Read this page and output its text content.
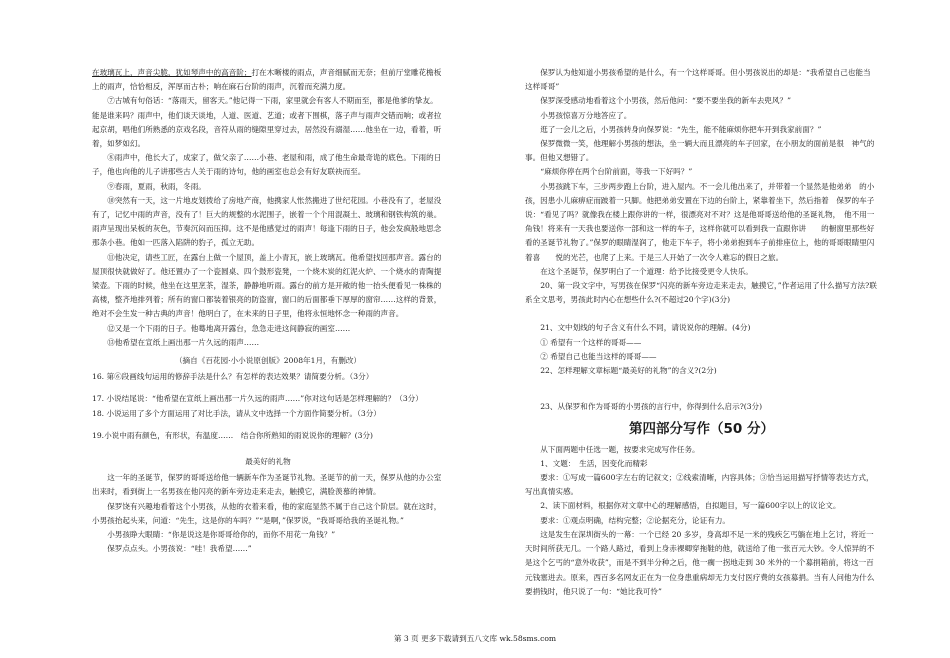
在玻璃瓦上，声音尖脆，犹如琴声中的高音阶；打在木晰楼的雨点，声音细腻而无奈；但前厅堂雕花檐板上的雨声，恰恰相反，浑厚而古朴；响在麻石台阶的雨声，沉着而充满力度。

⑦古城有句俗话：“落雨天，留客天。”他记得一下雨，家里就会有客人不期而至，都是他爹的挚友。能是谁来吗？雨声中，他们谈天谈地，人道、医道、艺道；或者下围棋，落子声与雨声交错而响；或者拉起京胡，唱他们所熟悉的京戏名段，音符从雨的缝隙里穿过去，居然没有溺湿……他坐在一边，看着，听着，如梦如幻。

⑧雨声中，他长大了，成家了，做父亲了……小巷、老屋和雨，成了他生命最奇诡的底色。下雨的日子，他也向他的儿子讲那些古人关于雨的诗句，他的画室也总会有好友联袂而至。

⑨春雨，夏雨，秋雨，冬雨。

⑩突然有一天，这一片地皮划拨给了房地产商，他携家人怅然搬进了世纪花园。小巷没有了，老屋没有了，记忆中雨的声音，没有了！巨大的规整的水泥围子，嵌着一个个用混凝土、玻璃和钢铁构筑的巢。雨声呈现出呆板的灰色，节奏沉闷而压抑。这不是他感觉过的雨声！每逢下雨的日子，他会发疯般地思念那条小巷。他如一匹落入陷阱的豹子，孤立无助。

⑪他决定，请些工匠，在露台上做一个屋顶，盖上小青瓦，嵌上玻璃瓦。他希望找回那声音。露台的屋顶很快就做好了。他还置办了一个瓷圆桌、四个鼓形瓷凳，一个烧木炭的红泥火炉、一个烧水的青陶提梁壶。下雨的时候，他坐在这里烹茶，湿茶，静静地听雨。露台的前方是开敞的他一抬头便看见一株株的高楼，整齐地排列着；所有的窗口都装着银亮的防盗窗，窗口的后面都垂下厚厚的窗帘……这样的背景，绝对不会生发一种古典的声音！他明白了，在未来的日子里，他将永恒地怀念一种雨的声音。

⑫又是一个下雨的日子。他蓦地离开露台，急急走进这间静寂的画室……

⑬他希望在宣纸上画出那一片久远的雨声……

（摘自《百花园·小小说原创版》2008年1月，有删改）

16. 第⑥段画线句运用的修辞手法是什么？有怎样的表达效果？请简要分析。（3分）

17. 小说结尾说：“他希望在宣纸上画出那一片久远的雨声……”你对这句话是怎样理解的？（3分）

18. 小说运用了多个方面运用了对比手法，请从文中选择一个方面作简要分析。（3分）

19.小说中雨有颜色，有形状，有温度……　结合你所熟知的雨说说你的理解？(3分)

最美好的礼物

这一年的圣诞节，保罗的哥哥送给他一辆新车作为圣诞节礼物。圣诞节的前一天，保罗从他的办公室出来时，看到街上一名男孩在他闪亮的新车旁边走来走去，触摸它，满脸羡慕的神情。

保罗饶有兴趣地看着这个小男孩，从他的衣着来看，他的家庭显然不属于自己这个阶层。就在这时，小男孩抬起头来，问道：“先生，这是你的车吗？”“是啊，”保罗说，“我哥哥给我的圣诞礼物。”

小男孩睁大眼睛：“你是说这是你哥哥给你的，而你不用花一角钱？”

保罗点点头。小男孩说：“哇！我希望……”

保罗认为他知道小男孩希望的是什么，有一个这样哥哥。但小男孩说出的却是：“我希望自己也能当这样哥哥”

保罗深受感动地看着这个小男孩，然后他问：“要不要坐我的新车去兜风？”

小男孩惊喜万分地答应了。

逛了一会儿之后，小男孩转身向保罗说：“先生，能不能麻烦你把车开到我家前面？”

保罗微微一笑，他理解小男孩的想法，坐一辆大而且漂亮的车子回家，在小朋友的面前是很　神气的事。但他又想错了。

“麻烦你停在两个台阶前面，等我一下好吗？”

小男孩跳下车，三步两步跑上台阶，进入屋内。不一会儿他出来了，并带着一个显然是他弟弟　的小孩，因患小儿麻痹症而跛着一只脚。他把弟弟安置在下边的台阶上，紧靠着坐下，然后指着　保罗的车子说：“看见了吗？就像我在楼上跟你讲的一样，很漂亮对不对？这是他哥哥送给他的圣诞礼物，　他不用一角钱！将来有一天我也要送你一部和这一样的车子，这样你就可以看到我一直跟你讲　　的橱窗里那些好看的圣诞节礼物了。”保罗的眼睛湿润了，他走下车子，将小弟弟抱到车子前排座位上，他的哥哥眼睛里闪着喜　　悦的光芒，也爬了上来。于是三人开始了一次令人难忘的假日之旅。

在这个圣诞节，保罗明白了一个道理：给予比接受更令人快乐。

20、第一段文字中，写男孩在保罗“闪亮的新车旁边走来走去，触摸它，”作者运用了什么描写方法?联系全文思考，男孩此时内心在想些什么?(不超过20个字)(3分)

21、文中划线的句子含义有什么不同，请说说你的理解。(4分)

① 希望有一个这样的哥哥——

② 希望自己也能当这样的哥哥——

22、怎样理解文章标题“最美好的礼物”的含义?(2分)

23、从保罗和作为哥哥的小男孩的言行中，你得到什么启示?(3分)

第四部分写作（50 分）

从下面两题中任选一题，按要求完成写作任务。

1、文题：　生活，因变化而精彩

要求：①写成一篇600字左右的记叙文；②线索清晰，内容具体；③恰当运用描写抒情等表达方式，写出真情实感。

2、读下面材料，根据你对文章中心的理解感悟，自拟题目，写一篇600字以上的议论文。

要求：①观点明确，结构完整；②论据充分，论证有力。

这是发生在深圳街头的一幕：一个已经 20 多岁，身高却不足一米的残疾乞丐躺在地上乞讨，将近一天时间所获无几。一个路人路过，看到上身赤裸卿穿拖鞋的他，就送给了他一张百元大钞。令人惊异的不是这个乞丐的“意外收获”，而是不到半分种之后，他一瘸一拐地走到 30 米外的一个募捐箱前，将这一百元钱塞进去。原来，西百多名网友正在为一位身患重病却无力支付医疗费的女孩募捐。当有人问他为什么要捐钱时，他只说了一句：“她比我可怜”

第 3 页 更多下载请到五八文库 wk.58sms.com
